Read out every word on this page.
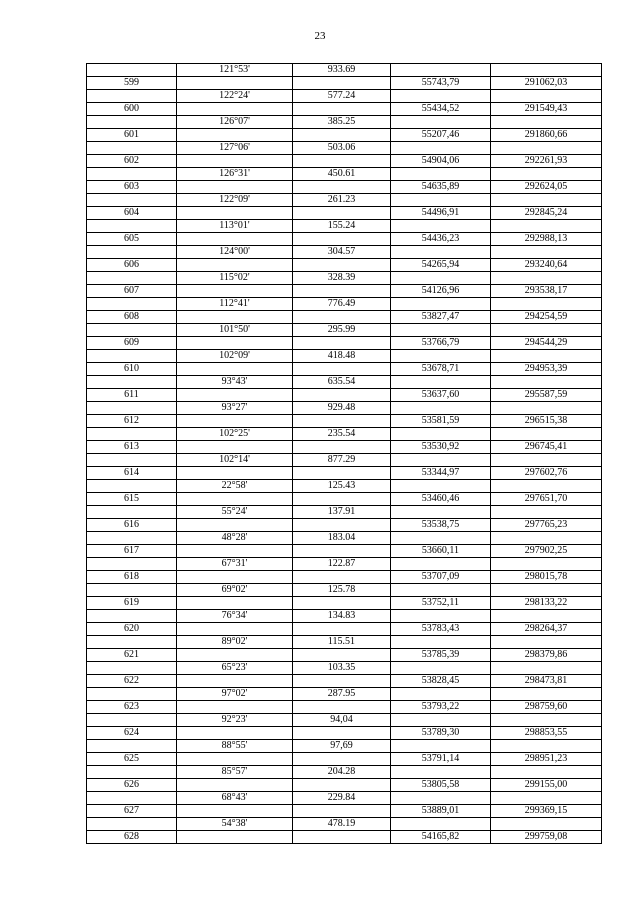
23
	121°53'	933.69		
599			55743,79	291062,03
	122°24'	577.24		
600			55434,52	291549,43
	126°07'	385.25		
601			55207,46	291860,66
	127°06'	503.06		
602			54904,06	292261,93
	126°31'	450.61		
603			54635,89	292624,05
	122°09'	261.23		
604			54496,91	292845,24
	113°01'	155.24		
605			54436,23	292988,13
	124°00'	304.57		
606			54265,94	293240,64
	115°02'	328.39		
607			54126,96	293538,17
	112°41'	776.49		
608			53827,47	294254,59
	101°50'	295.99		
609			53766,79	294544,29
	102°09'	418.48		
610			53678,71	294953,39
	93°43'	635.54		
611			53637,60	295587,59
	93°27'	929.48		
612			53581,59	296515,38
	102°25'	235.54		
613			53530,92	296745,41
	102°14'	877.29		
614			53344,97	297602,76
	22°58'	125.43		
615			53460,46	297651,70
	55°24'	137.91		
616			53538,75	297765,23
	48°28'	183.04		
617			53660,11	297902,25
	67°31'	122.87		
618			53707,09	298015,78
	69°02'	125.78		
619			53752,11	298133,22
	76°34'	134.83		
620			53783,43	298264,37
	89°02'	115.51		
621			53785,39	298379,86
	65°23'	103.35		
622			53828,45	298473,81
	97°02'	287.95		
623			53793,22	298759,60
	92°23'	94,04		
624			53789,30	298853,55
	88°55'	97,69		
625			53791,14	298951,23
	85°57'	204.28		
626			53805,58	299155,00
	68°43'	229.84		
627			53889,01	299369,15
	54°38'	478.19		
628			54165,82	299759,08
